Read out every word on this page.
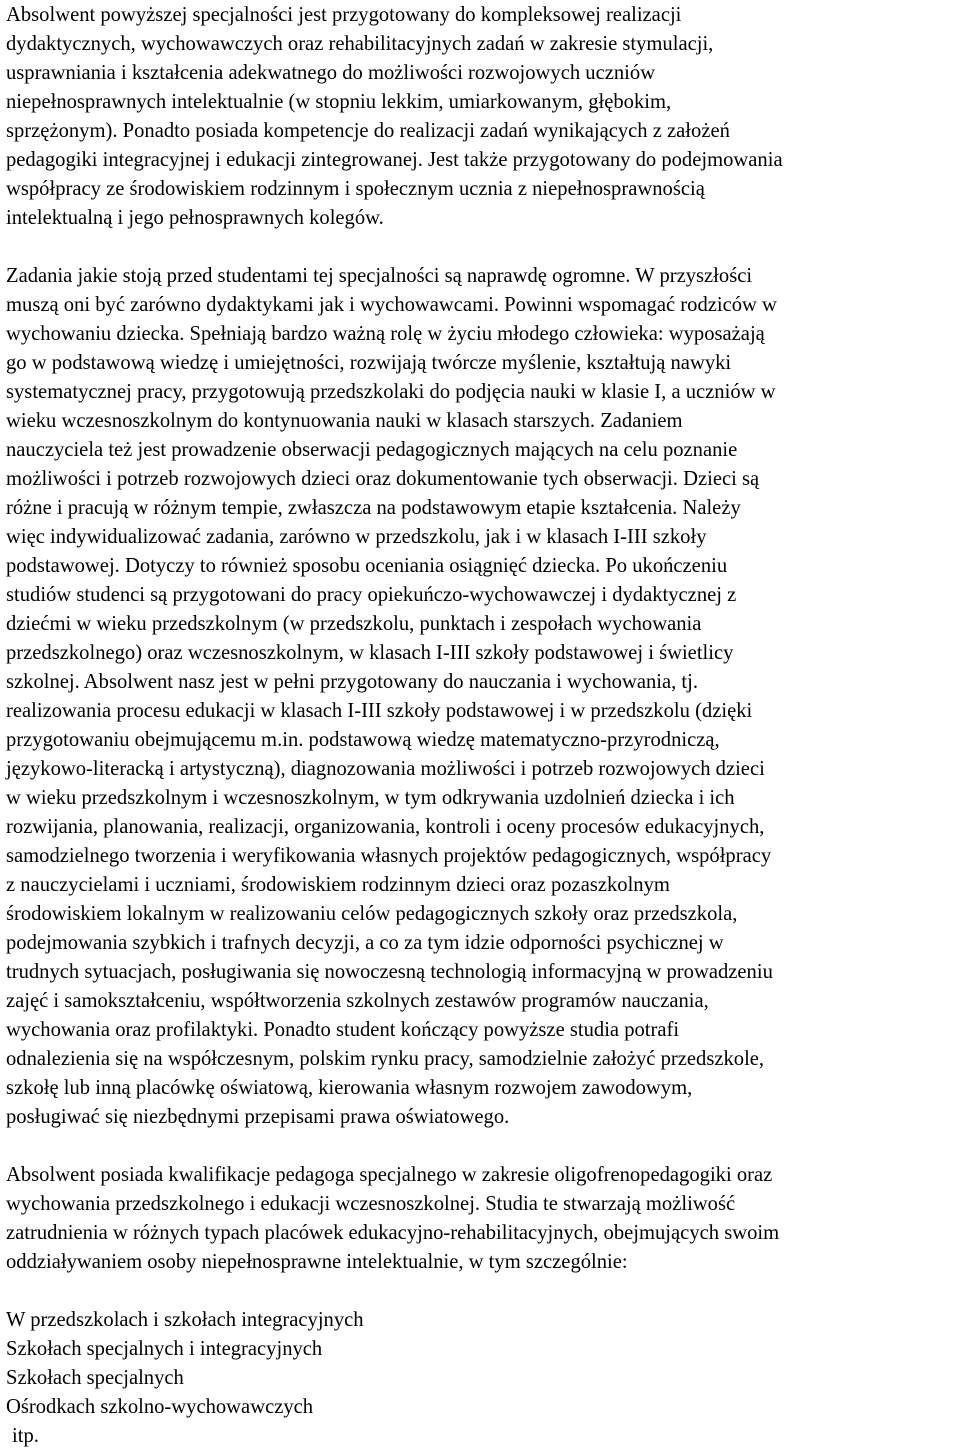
Absolwent powyższej specjalności jest przygotowany do kompleksowej realizacji
dydaktycznych, wychowawczych oraz rehabilitacyjnych zadań w zakresie stymulacji,
usprawniania i kształcenia adekwatnego do możliwości rozwojowych uczniów
niepełnosprawnych intelektualnie (w stopniu lekkim, umiarkowanym, głębokim,
sprzężonym). Ponadto posiada kompetencje do realizacji zadań wynikających z założeń
pedagogiki integracyjnej i edukacji zintegrowanej. Jest także przygotowany do podejmowania
współpracy ze środowiskiem rodzinnym i społecznym ucznia z niepełnosprawnością
intelektualną i jego pełnosprawnych kolegów.
Zadania jakie stoją przed studentami tej specjalności są naprawdę ogromne. W przyszłości
muszą oni być zarówno dydaktykami jak i wychowawcami. Powinni wspomagać rodziców w
wychowaniu dziecka. Spełniają bardzo ważną rolę w życiu młodego człowieka: wyposażają
go w podstawową wiedzę i umiejętności, rozwijają twórcze myślenie, kształtują nawyki
systematycznej pracy, przygotowują przedszkolaki do podjęcia nauki w klasie I, a uczniów w
wieku wczesnoszkolnym do kontynuowania nauki w klasach starszych. Zadaniem
nauczyciela też jest prowadzenie obserwacji pedagogicznych mających na celu poznanie
możliwości i potrzeb rozwojowych dzieci oraz dokumentowanie tych obserwacji. Dzieci są
różne i pracują w różnym tempie, zwłaszcza na podstawowym etapie kształcenia. Należy
więc indywidualizować zadania, zarówno w przedszkolu, jak i w klasach I-III szkoły
podstawowej. Dotyczy to również sposobu oceniania osiągnięć dziecka. Po ukończeniu
studiów studenci są przygotowani do pracy opiekuńczo-wychowawczej i dydaktycznej z
dziećmi w wieku przedszkolnym (w przedszkolu, punktach i zespołach wychowania
przedszkolnego) oraz wczesnoszkolnym, w klasach I-III szkoły podstawowej i świetlicy
szkolnej. Absolwent nasz jest w pełni przygotowany do nauczania i wychowania, tj.
realizowania procesu edukacji w klasach I-III szkoły podstawowej i w przedszkolu (dzięki
przygotowaniu obejmującemu m.in. podstawową wiedzę matematyczno-przyrodniczą,
językowo-literacką i artystyczną), diagnozowania możliwości i potrzeb rozwojowych dzieci
w wieku przedszkolnym i wczesnoszkolnym, w tym odkrywania uzdolnień dziecka i ich
rozwijania, planowania, realizacji, organizowania, kontroli i oceny procesów edukacyjnych,
samodzielnego tworzenia i weryfikowania własnych projektów pedagogicznych, współpracy
z nauczycielami i uczniami, środowiskiem rodzinnym dzieci oraz pozaszkolnym
środowiskiem lokalnym w realizowaniu celów pedagogicznych szkoły oraz przedszkola,
podejmowania szybkich i trafnych decyzji, a co za tym idzie odporności psychicznej w
trudnych sytuacjach, posługiwania się nowoczesną technologią informacyjną w prowadzeniu
zajęć i samokształceniu, współtworzenia szkolnych zestawów programów nauczania,
wychowania oraz profilaktyki. Ponadto student kończący powyższe studia potrafi
odnalezienia się na współczesnym, polskim rynku pracy, samodzielnie założyć przedszkole,
szkołę lub inną placówkę oświatową, kierowania własnym rozwojem zawodowym,
posługiwać się niezbędnymi przepisami prawa oświatowego.
Absolwent posiada kwalifikacje pedagoga specjalnego w zakresie oligofrenopedagogiki oraz
wychowania przedszkolnego i edukacji wczesnoszkolnej. Studia te stwarzają możliwość
zatrudnienia w różnych typach placówek edukacyjno-rehabilitacyjnych, obejmujących swoim
oddziaływaniem osoby niepełnosprawne intelektualnie, w tym szczególnie:
W przedszkolach i szkołach integracyjnych
Szkołach specjalnych i integracyjnych
Szkołach specjalnych
Ośrodkach szkolno-wychowawczych
itp.
